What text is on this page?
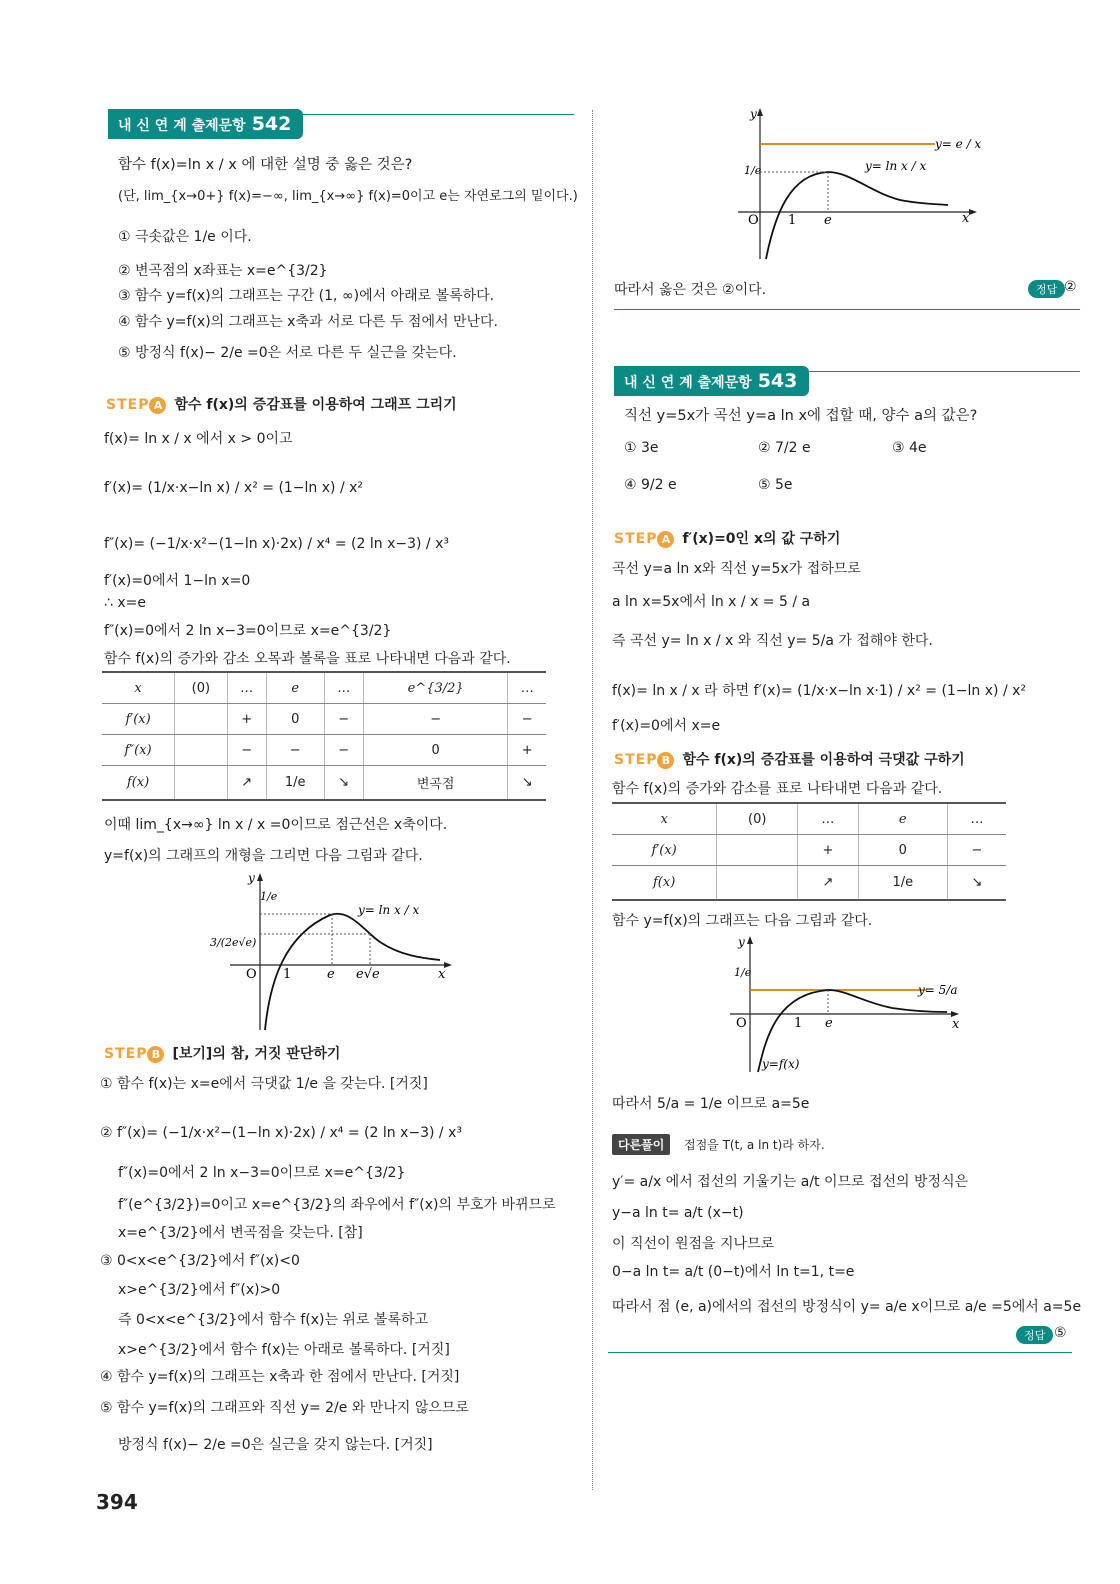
내 신 연 계 출제문항 542
함수 f(x)=ln x / x 에 대한 설명 중 옳은 것은?
(단, lim_{x→0+} f(x)=−∞, lim_{x→∞} f(x)=0이고 e는 자연로그의 밑이다.)
① 극솟값은 1/e 이다.
② 변곡점의 x좌표는 x=e^{3/2}
③ 함수 y=f(x)의 그래프는 구간 (1, ∞)에서 아래로 볼록하다.
④ 함수 y=f(x)의 그래프는 x축과 서로 다른 두 점에서 만난다.
⑤ 방정식 f(x)− 2/e =0은 서로 다른 두 실근을 갖는다.
STEP A 함수 f(x)의 증감표를 이용하여 그래프 그리기
f(x)= ln x / x 에서 x > 0이고
f′(x)= (1/x·x−ln x) / x² = (1−ln x) / x²
f″(x)= (−1/x·x²−(1−ln x)·2x) / x⁴ = (2 ln x−3) / x³
f′(x)=0에서 1−ln x=0
∴ x=e
f″(x)=0에서 2 ln x−3=0이므로 x=e^{3/2}
함수 f(x)의 증가와 감소 오목과 볼록을 표로 나타내면 다음과 같다.
x	(0)	…	e	…	e^{3/2}	…
f′(x)		+	0	−	−	−
f″(x)		−	−	−	0	+
f(x)		↗	1/e	↘	변곡점	↘
이때 lim_{x→∞} ln x / x =0이므로 점근선은 x축이다.
y=f(x)의 그래프의 개형을 그리면 다음 그림과 같다.
y
x
O 1	e e√e
1/e
3/(2e√e)
y= ln x / x
STEP B [보기]의 참, 거짓 판단하기
① 함수 f(x)는 x=e에서 극댓값 1/e 을 갖는다. [거짓]
② f″(x)= (−1/x·x²−(1−ln x)·2x) / x⁴ = (2 ln x−3) / x³
f″(x)=0에서 2 ln x−3=0이므로 x=e^{3/2}
f″(e^{3/2})=0이고 x=e^{3/2}의 좌우에서 f″(x)의 부호가 바뀌므로
x=e^{3/2}에서 변곡점을 갖는다. [참]
③ 0<x<e^{3/2}에서 f″(x)<0
x>e^{3/2}에서 f″(x)>0
즉 0<x<e^{3/2}에서 함수 f(x)는 위로 볼록하고
x>e^{3/2}에서 함수 f(x)는 아래로 볼록하다. [거짓]
④ 함수 y=f(x)의 그래프는 x축과 한 점에서 만난다. [거짓]
⑤ 함수 y=f(x)의 그래프와 직선 y= 2/e 와 만나지 않으므로
방정식 f(x)− 2/e =0은 실근을 갖지 않는다. [거짓]
394
y
x
O 1 e
1/e	y= ln x / x
y= e / x
따라서 옳은 것은 ②이다.	정답 ②
내 신 연 계 출제문항 543
직선 y=5x가 곡선 y=a ln x에 접할 때, 양수 a의 값은?
① 3e	② 7/2 e	③ 4e
④ 9/2 e	⑤ 5e
STEP A f′(x)=0인 x의 값 구하기
곡선 y=a ln x와 직선 y=5x가 접하므로
a ln x=5x에서 ln x / x = 5 / a
즉 곡선 y= ln x / x 와 직선 y= 5/a 가 접해야 한다.
f(x)= ln x / x 라 하면 f′(x)= (1/x·x−ln x·1) / x² = (1−ln x) / x²
f′(x)=0에서 x=e
STEP B 함수 f(x)의 증감표를 이용하여 극댓값 구하기
함수 f(x)의 증가와 감소를 표로 나타내면 다음과 같다.
x	(0)	…	e	…
f′(x)		+	0	−
f(x)		↗	1/e	↘
함수 y=f(x)의 그래프는 다음 그림과 같다.
y
x
O	1 e
1/e
y= 5/a
y=f(x)
따라서 5/a = 1/e 이므로 a=5e
다른풀이	접점을 T(t, a ln t)라 하자.
y′= a/x 에서 접선의 기울기는 a/t 이므로 접선의 방정식은
y−a ln t= a/t (x−t)
이 직선이 원점을 지나므로
0−a ln t= a/t (0−t)에서 ln t=1, t=e
따라서 점 (e, a)에서의 접선의 방정식이 y= a/e x이므로 a/e =5에서 a=5e
정답 ⑤
